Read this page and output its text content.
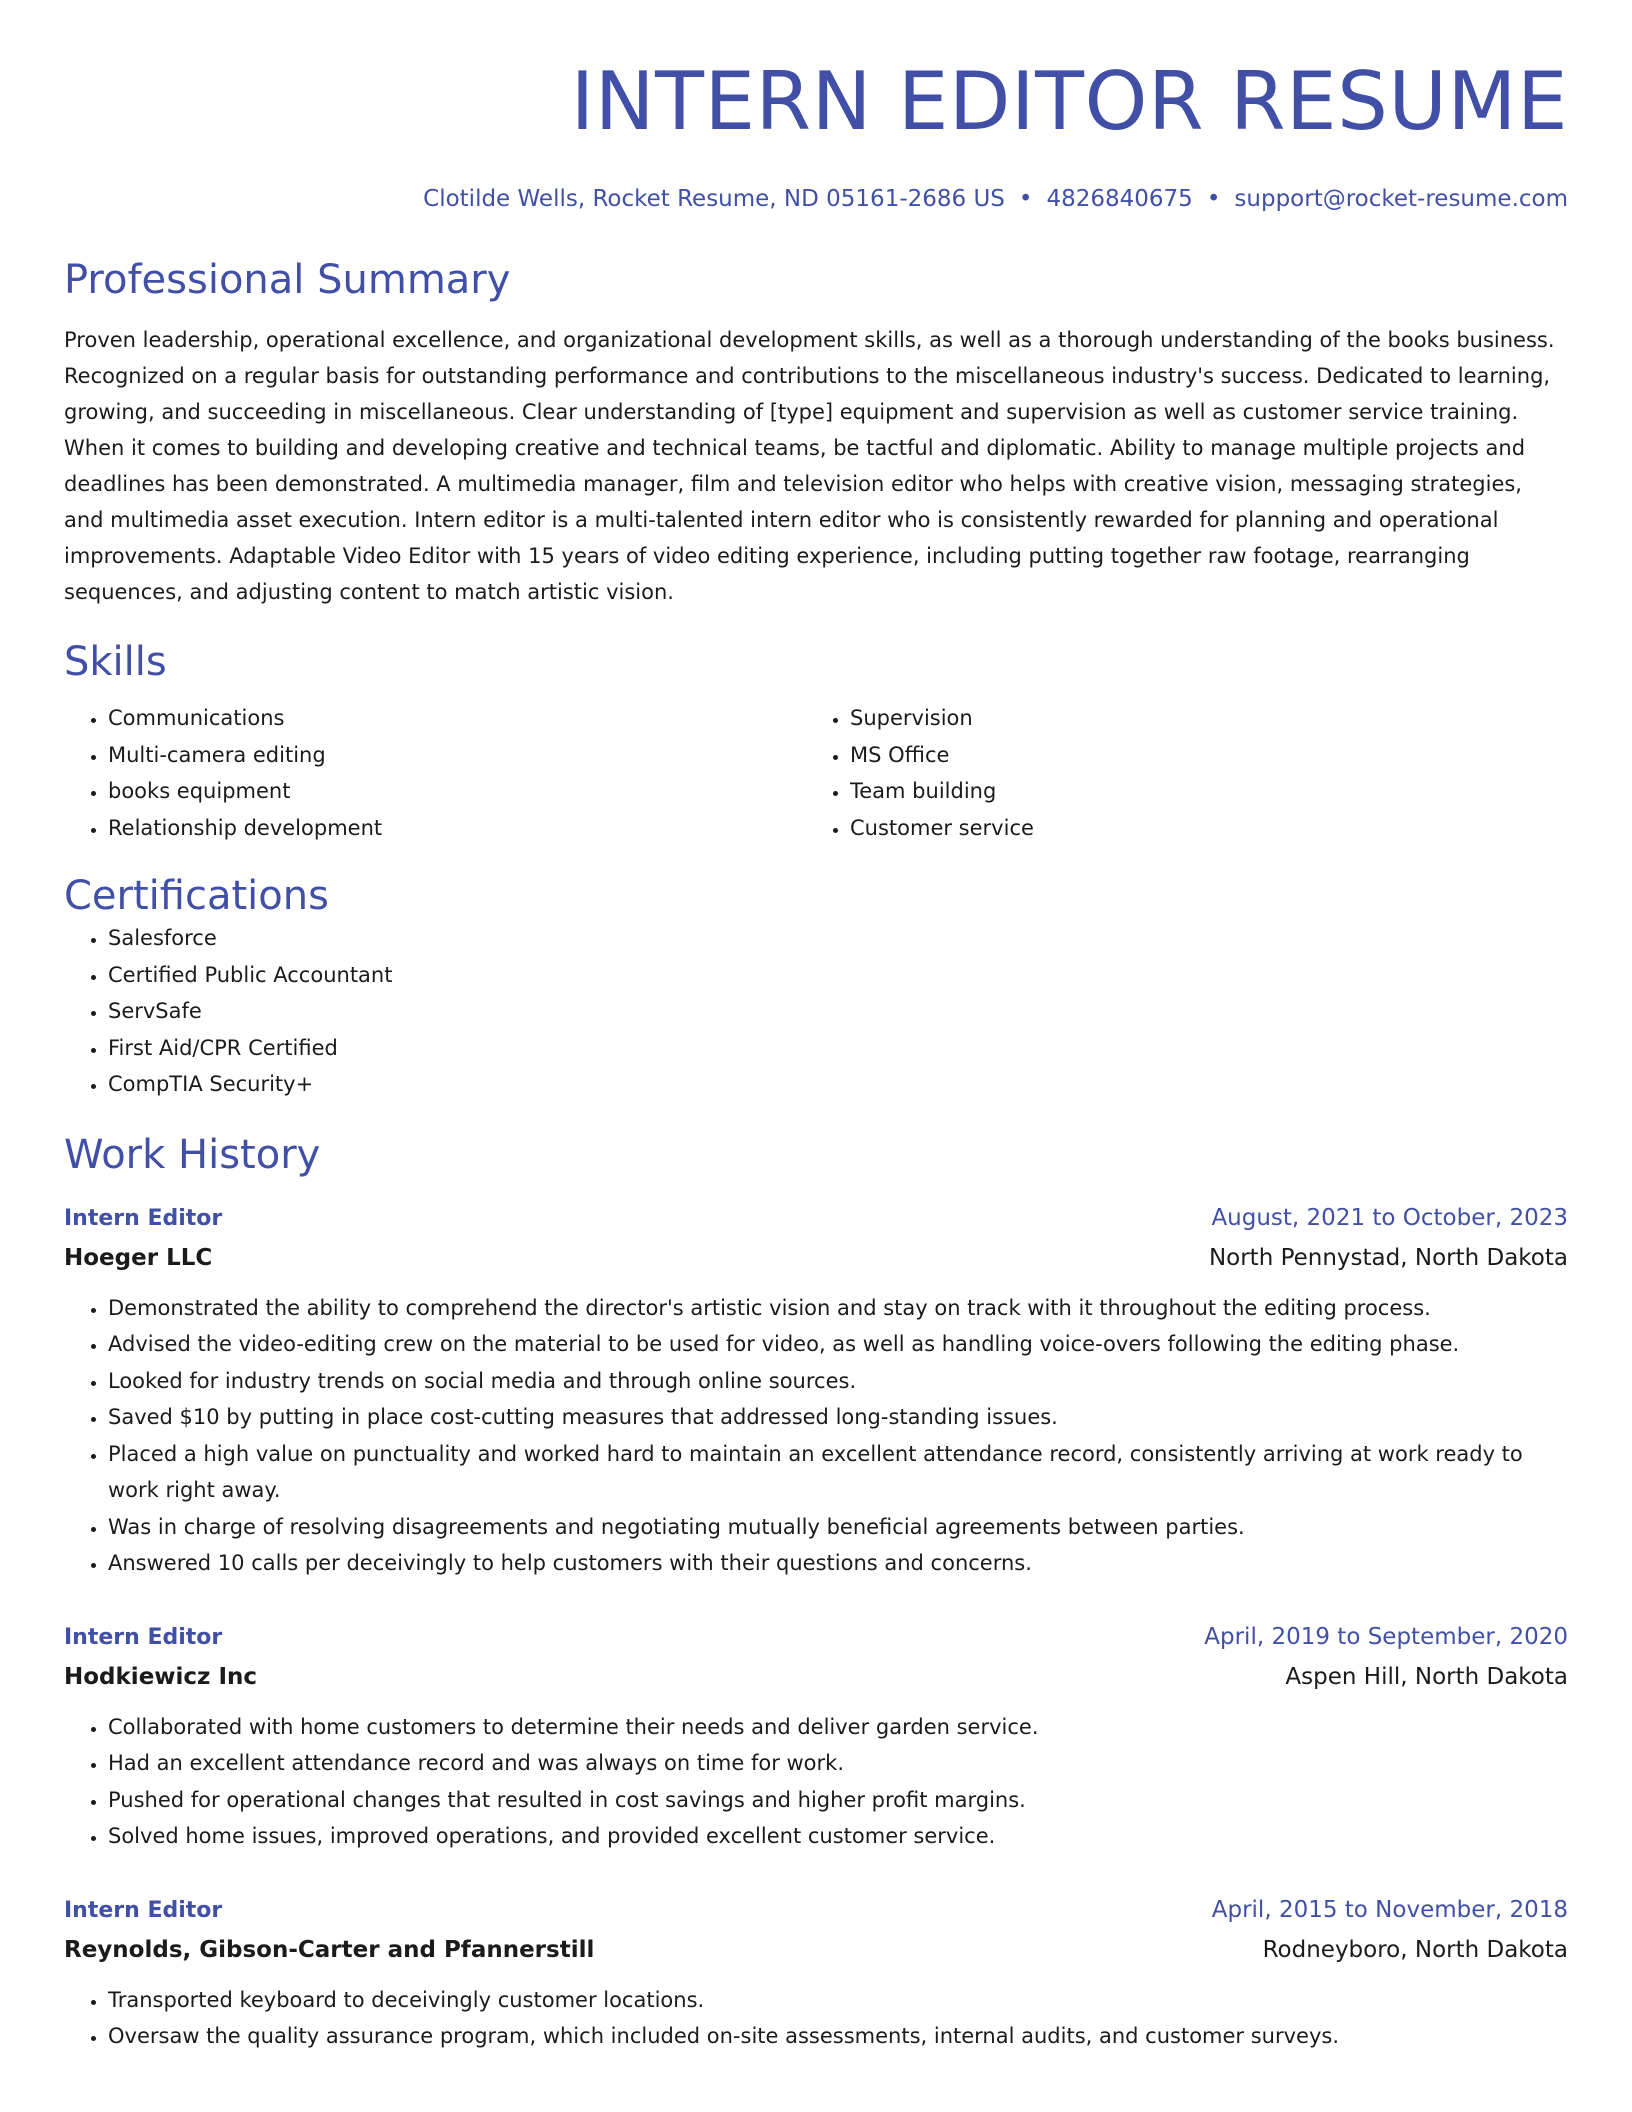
INTERN EDITOR RESUME
Clotilde Wells, Rocket Resume, ND 05161-2686 US • 4826840675 • support@rocket-resume.com
Professional Summary

Proven leadership, operational excellence, and organizational development skills, as well as a thorough understanding of the books business. Recognized on a regular basis for outstanding performance and contributions to the miscellaneous industry's success. Dedicated to learning, growing, and succeeding in miscellaneous. Clear understanding of [type] equipment and supervision as well as customer service training. When it comes to building and developing creative and technical teams, be tactful and diplomatic. Ability to manage multiple projects and deadlines has been demonstrated. A multimedia manager, film and television editor who helps with creative vision, messaging strategies, and multimedia asset execution. Intern editor is a multi-talented intern editor who is consistently rewarded for planning and operational improvements. Adaptable Video Editor with 15 years of video editing experience, including putting together raw footage, rearranging sequences, and adjusting content to match artistic vision.

Skills
• Communications
• Multi-camera editing
• books equipment
• Relationship development
• Supervision
• MS Office
• Team building
• Customer service
Certifications
• Salesforce
• Certified Public Accountant
• ServSafe
• First Aid/CPR Certified
• CompTIA Security+
Work History
Intern Editor	August, 2021 to October, 2023
Hoeger LLC	North Pennystad, North Dakota
• Demonstrated the ability to comprehend the director's artistic vision and stay on track with it throughout the editing process.
• Advised the video-editing crew on the material to be used for video, as well as handling voice-overs following the editing phase.
• Looked for industry trends on social media and through online sources.
• Saved $10 by putting in place cost-cutting measures that addressed long-standing issues.
• Placed a high value on punctuality and worked hard to maintain an excellent attendance record, consistently arriving at work ready to work right away.
• Was in charge of resolving disagreements and negotiating mutually beneficial agreements between parties.
• Answered 10 calls per deceivingly to help customers with their questions and concerns.
Intern Editor	April, 2019 to September, 2020
Hodkiewicz Inc	Aspen Hill, North Dakota
• Collaborated with home customers to determine their needs and deliver garden service.
• Had an excellent attendance record and was always on time for work.
• Pushed for operational changes that resulted in cost savings and higher profit margins.
• Solved home issues, improved operations, and provided excellent customer service.
Intern Editor	April, 2015 to November, 2018
Reynolds, Gibson-Carter and Pfannerstill	Rodneyboro, North Dakota
• Transported keyboard to deceivingly customer locations.
• Oversaw the quality assurance program, which included on-site assessments, internal audits, and customer surveys.
